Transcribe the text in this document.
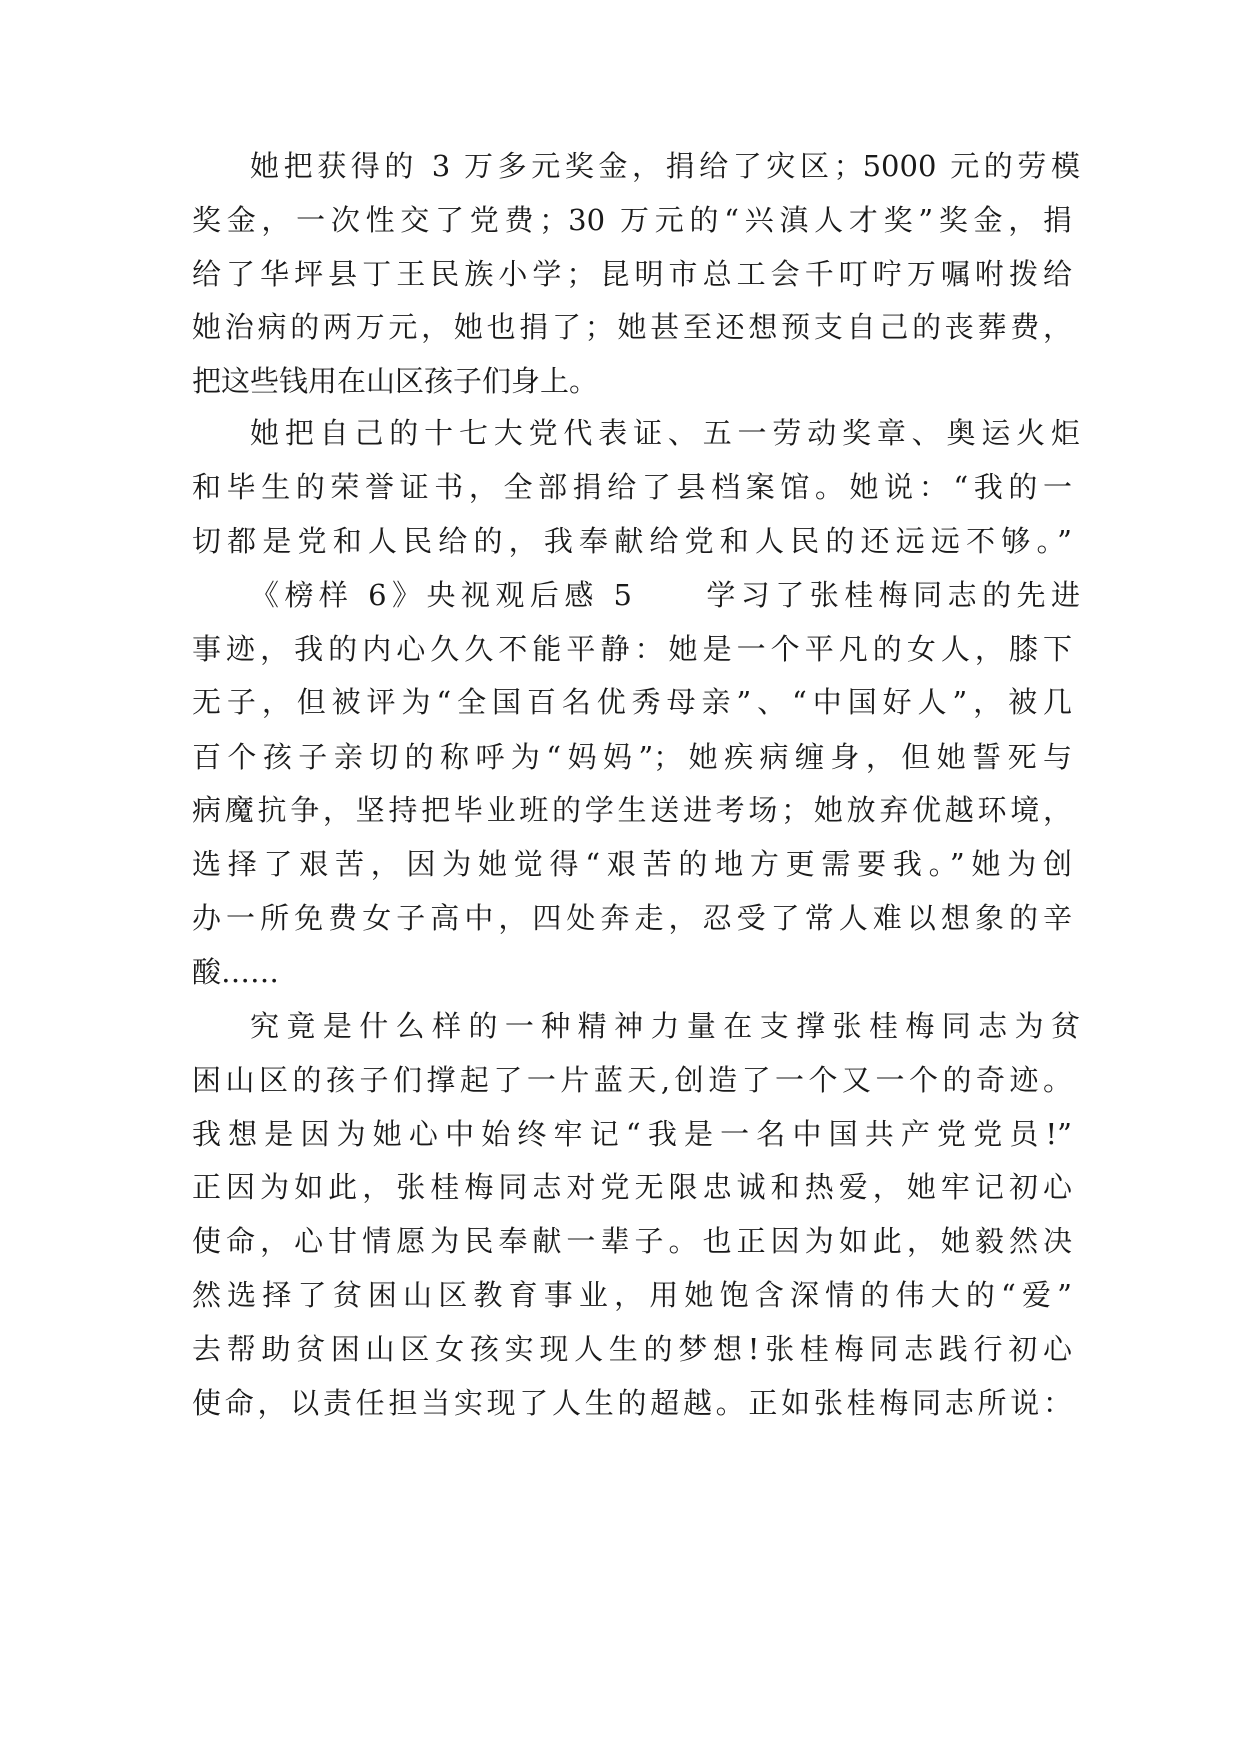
她把获得的 3 万多元奖金，捐给了灾区；5000 元的劳模

奖金，一次性交了党费；30 万元的“兴滇人才奖”奖金，捐

给了华坪县丁王民族小学；昆明市总工会千叮咛万嘱咐拨给

她治病的两万元，她也捐了；她甚至还想预支自己的丧葬费，

把这些钱用在山区孩子们身上。

她把自己的十七大党代表证、五一劳动奖章、奥运火炬

和毕生的荣誉证书，全部捐给了县档案馆。她说：“我的一

切都是党和人民给的，我奉献给党和人民的还远远不够。”

《榜样 6》央视观后感 5　　学习了张桂梅同志的先进

事迹，我的内心久久不能平静：她是一个平凡的女人，膝下

无子，但被评为“全国百名优秀母亲”、“中国好人”，被几

百个孩子亲切的称呼为“妈妈”；她疾病缠身，但她誓死与

病魔抗争，坚持把毕业班的学生送进考场；她放弃优越环境，

选择了艰苦，因为她觉得“艰苦的地方更需要我。”她为创

办一所免费女子高中，四处奔走，忍受了常人难以想象的辛

酸……

究竟是什么样的一种精神力量在支撑张桂梅同志为贫

困山区的孩子们撑起了一片蓝天,创造了一个又一个的奇迹。

我想是因为她心中始终牢记“我是一名中国共产党党员!”

正因为如此，张桂梅同志对党无限忠诚和热爱，她牢记初心

使命，心甘情愿为民奉献一辈子。也正因为如此，她毅然决

然选择了贫困山区教育事业，用她饱含深情的伟大的“爱”

去帮助贫困山区女孩实现人生的梦想!张桂梅同志践行初心

使命，以责任担当实现了人生的超越。正如张桂梅同志所说：
